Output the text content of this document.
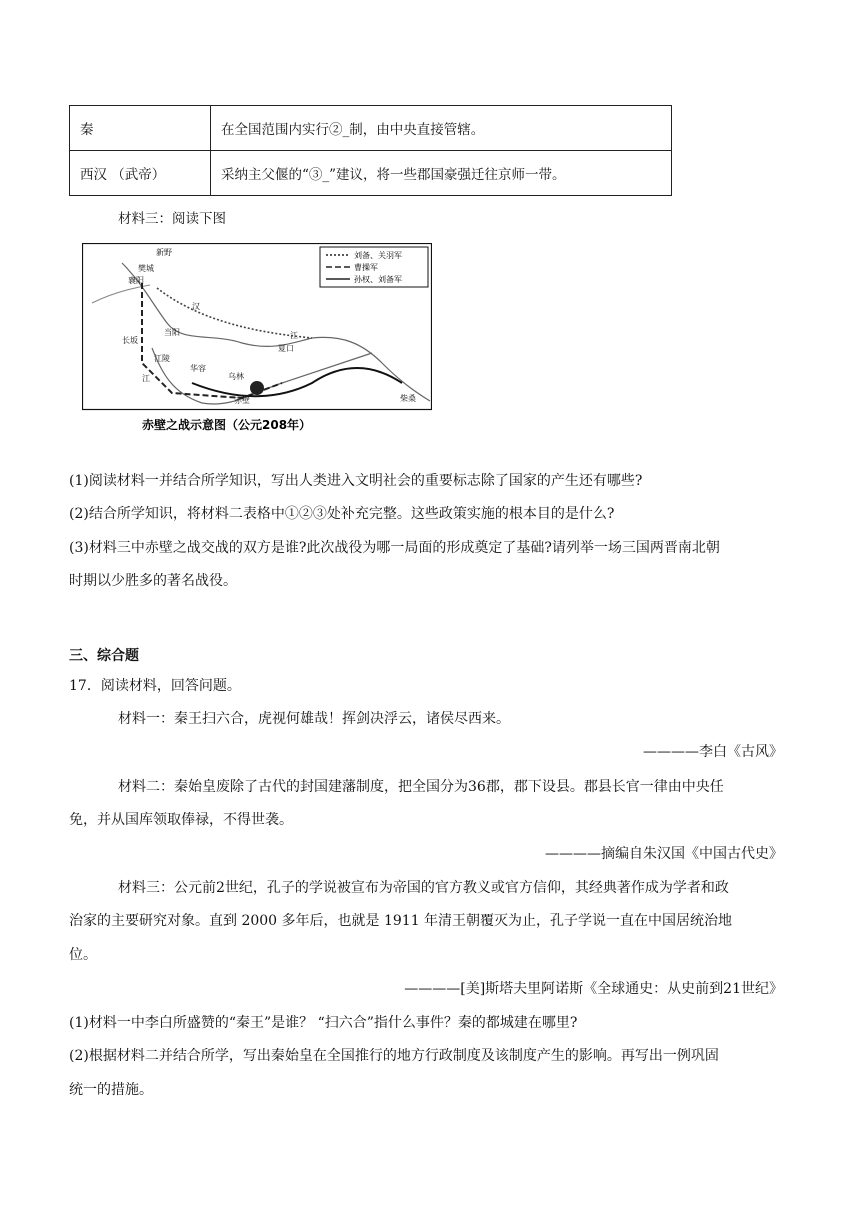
秦	在全国范围内实行②_制，由中央直接管辖。
西汉 （武帝）	采纳主父偃的“③_”建议，将一些郡国豪强迁往京师一带。
材料三：阅读下图
刘备、关羽军
曹操军
孙权、刘备军
新野
樊城
襄阳
当阳
长坂
江陵
华容
乌林
赤壁	柴桑
江
汉
夏口
江
赤壁之战示意图（公元208年）
(1)阅读材料一并结合所学知识，写出人类进入文明社会的重要标志除了国家的产生还有哪些?
(2)结合所学知识，将材料二表格中①②③处补充完整。这些政策实施的根本目的是什么?
(3)材料三中赤壁之战交战的双方是谁?此次战役为哪一局面的形成奠定了基础?请列举一场三国两晋南北朝
时期以少胜多的著名战役。
三、综合题
17．阅读材料，回答问题。
材料一：秦王扫六合，虎视何雄哉！挥剑决浮云，诸侯尽西来。
————李白《古风》
材料二：秦始皇废除了古代的封国建藩制度，把全国分为36郡，郡下设县。郡县长官一律由中央任
免，并从国库领取俸禄，不得世袭。
————摘编自朱汉国《中国古代史》
材料三：公元前2世纪，孔子的学说被宣布为帝国的官方教义或官方信仰，其经典著作成为学者和政
治家的主要研究对象。直到 2000 多年后，也就是 1911 年清王朝覆灭为止，孔子学说一直在中国居统治地
位。
————[美]斯塔夫里阿诺斯《全球通史：从史前到21世纪》
(1)材料一中李白所盛赞的“秦王”是谁？ “扫六合”指什么事件？秦的都城建在哪里?
(2)根据材料二并结合所学，写出秦始皇在全国推行的地方行政制度及该制度产生的影响。再写出一例巩固
统一的措施。
